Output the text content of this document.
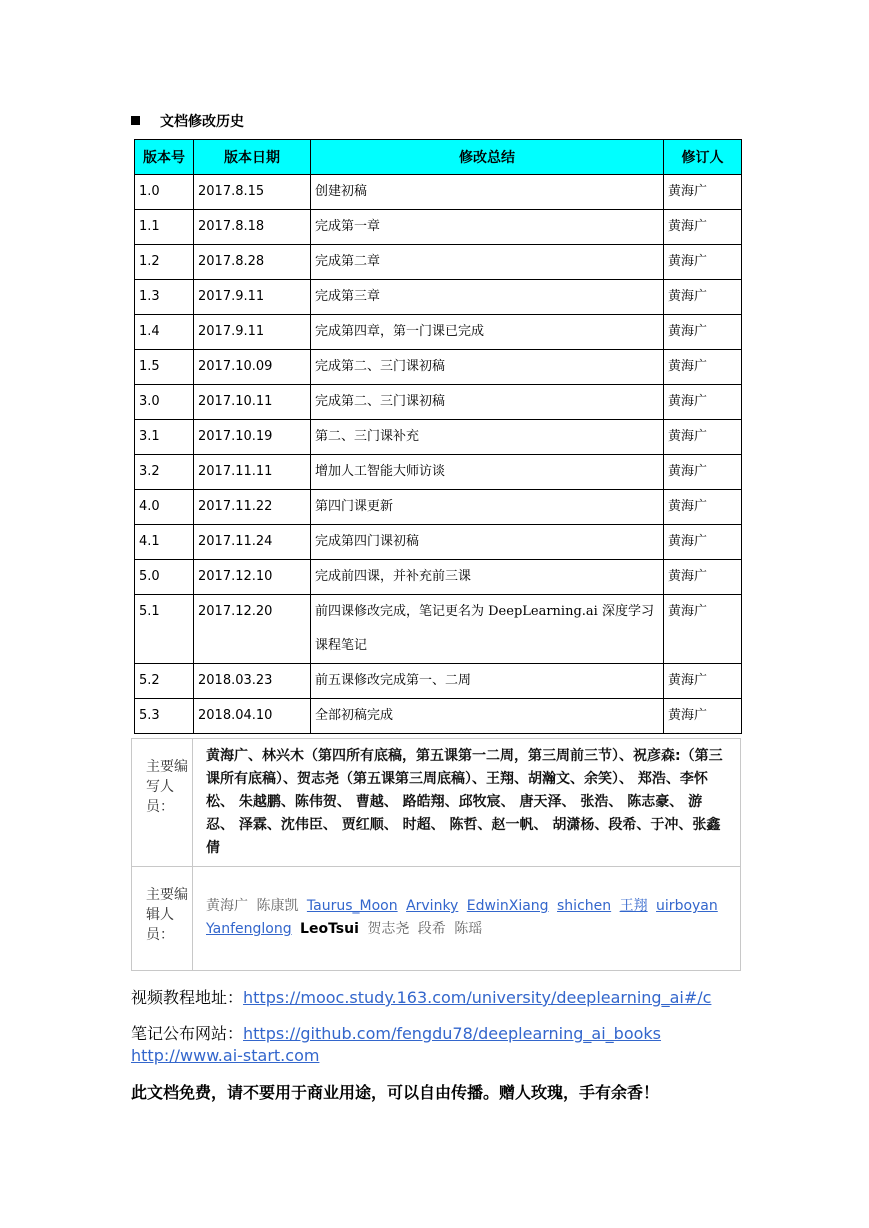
文档修改历史
版本号	版本日期	修改总结	修订人
1.0	2017.8.15	创建初稿	黄海广
1.1	2017.8.18	完成第一章	黄海广
1.2	2017.8.28	完成第二章	黄海广
1.3	2017.9.11	完成第三章	黄海广
1.4	2017.9.11	完成第四章，第一门课已完成	黄海广
1.5	2017.10.09	完成第二、三门课初稿	黄海广
3.0	2017.10.11	完成第二、三门课初稿	黄海广
3.1	2017.10.19	第二、三门课补充	黄海广
3.2	2017.11.11	增加人工智能大师访谈	黄海广
4.0	2017.11.22	第四门课更新	黄海广
4.1	2017.11.24	完成第四门课初稿	黄海广
5.0	2017.12.10	完成前四课，并补充前三课	黄海广
5.1	2017.12.20	前四课修改完成，笔记更名为 DeepLearning.ai 深度学习课程笔记	黄海广
5.2	2018.03.23	前五课修改完成第一、二周	黄海广
5.3	2018.04.10	全部初稿完成	黄海广
主要编写人员：	黄海广、林兴木（第四所有底稿，第五课第一二周，第三周前三节）、祝彦森:（第三课所有底稿）、贺志尧（第五课第三周底稿）、王翔、胡瀚文、余笑）、 郑浩、李怀松、 朱越鹏、陈伟贺、 曹越、 路皓翔、邱牧宸、 唐天泽、 张浩、 陈志豪、 游忍、 泽霖、沈伟臣、 贾红顺、 时超、 陈哲、赵一帆、 胡潇杨、段希、于冲、张鑫倩

主要编辑人员：	黄海广 陈康凯 Taurus_Moon Arvinky EdwinXiang shichen 王翔 uirboyan Yanfenglong LeoTsui 贺志尧 段希 陈瑶
视频教程地址：https://mooc.study.163.com/university/deeplearning_ai#/c
笔记公布网站：https://github.com/fengdu78/deeplearning_ai_books
http://www.ai-start.com
此文档免费，请不要用于商业用途，可以自由传播。赠人玫瑰，手有余香！
